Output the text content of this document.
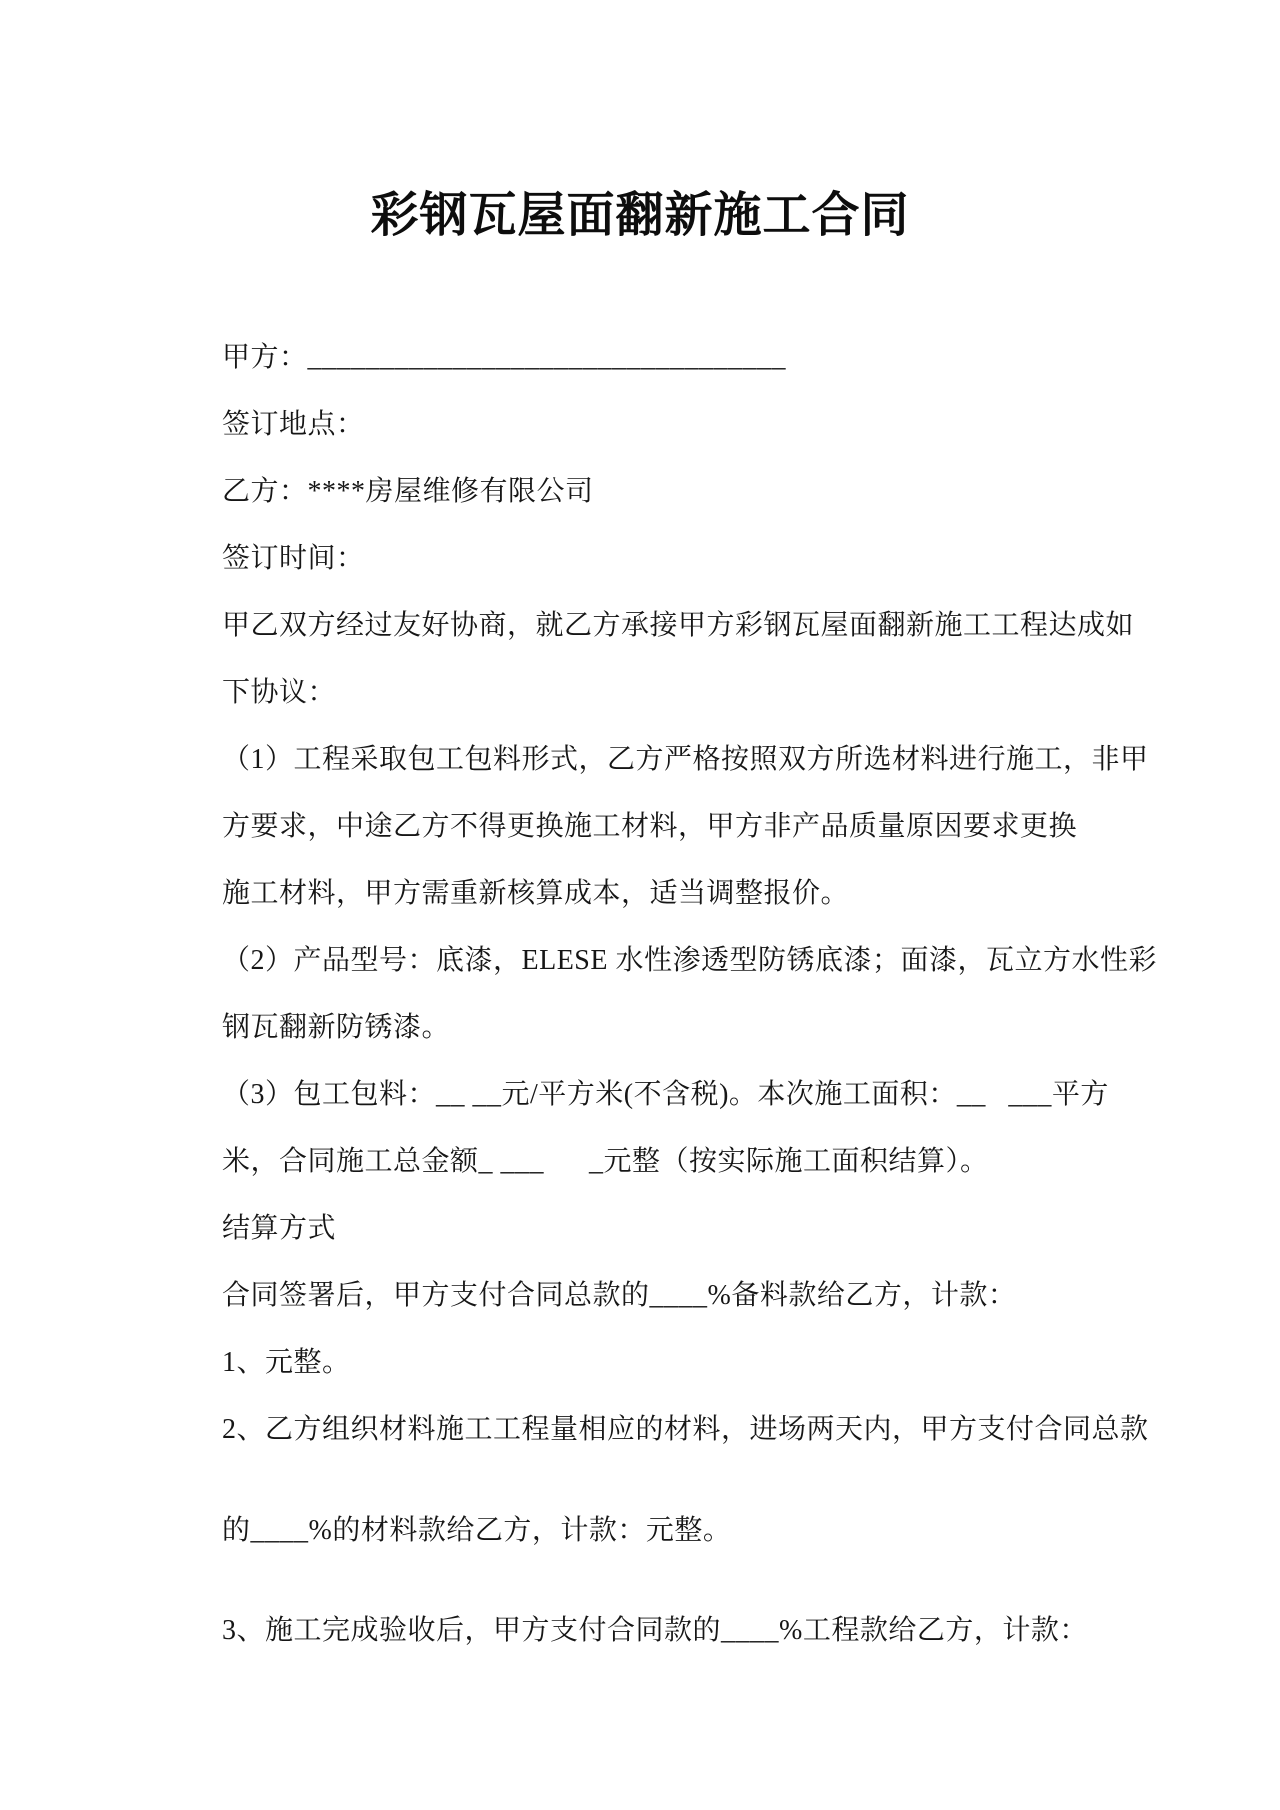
彩钢瓦屋面翻新施工合同
甲方：_________________________________
签订地点：
乙方：****房屋维修有限公司
签订时间：
甲乙双方经过友好协商，就乙方承接甲方彩钢瓦屋面翻新施工工程达成如
下协议：
（1）工程采取包工包料形式，乙方严格按照双方所选材料进行施工，非甲
方要求，中途乙方不得更换施工材料，甲方非产品质量原因要求更换
施工材料，甲方需重新核算成本，适当调整报价。
（2）产品型号：底漆，ELESE 水性渗透型防锈底漆；面漆，瓦立方水性彩
钢瓦翻新防锈漆。
（3）包工包料：__ __元/平方米(不含税)。本次施工面积：__   ___平方
米，合同施工总金额_ ___      _元整（按实际施工面积结算）。
结算方式
合同签署后，甲方支付合同总款的____%备料款给乙方，计款：
1、元整。
2、乙方组织材料施工工程量相应的材料，进场两天内，甲方支付合同总款
的____%的材料款给乙方，计款：元整。
3、施工完成验收后，甲方支付合同款的____%工程款给乙方，计款：
